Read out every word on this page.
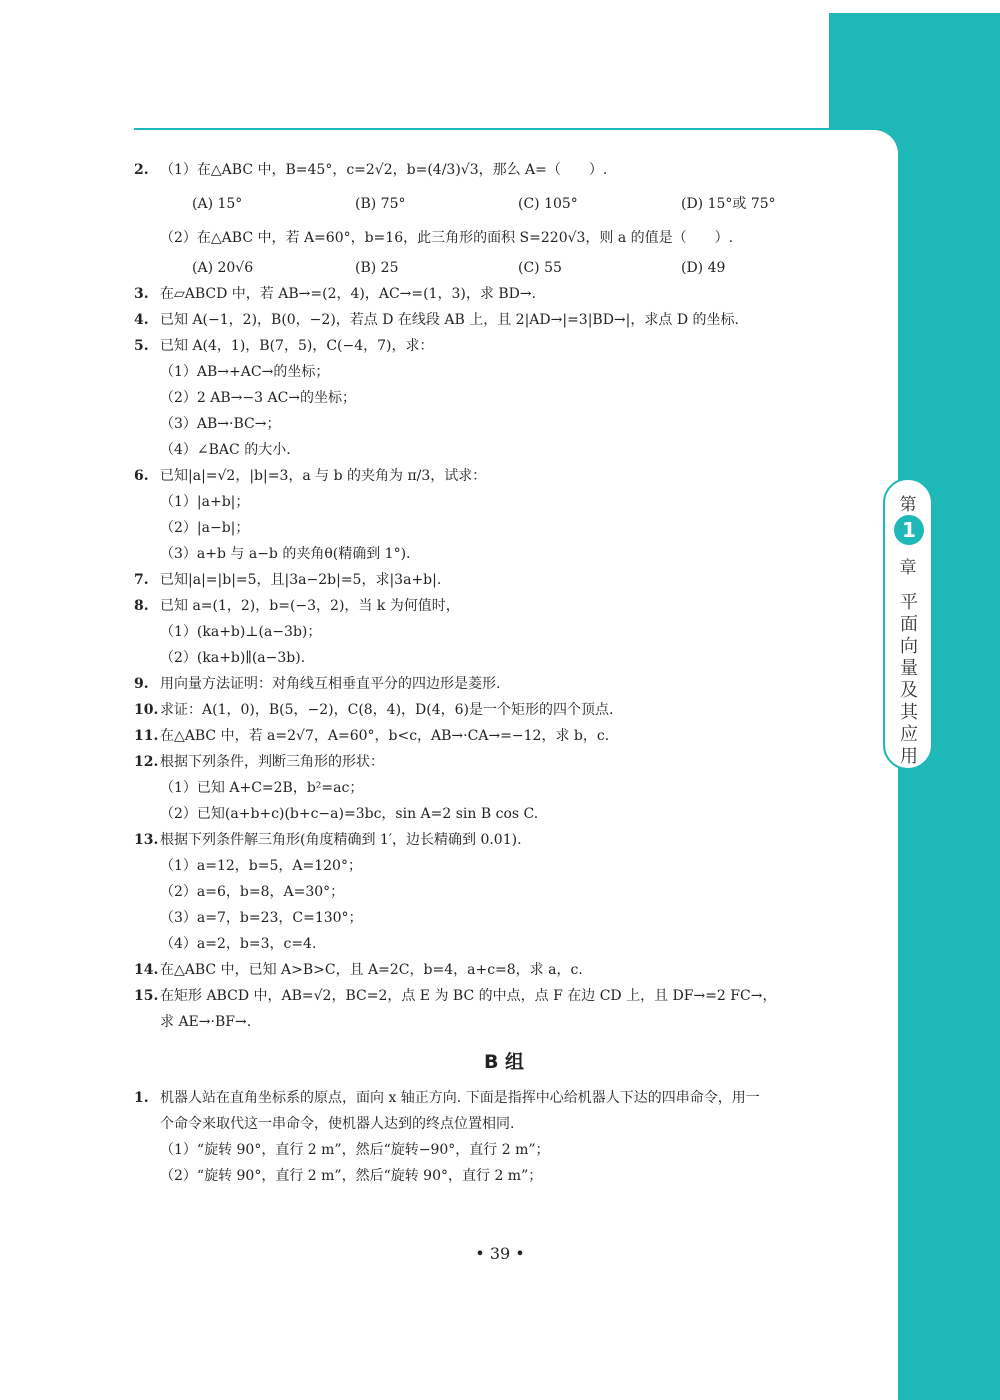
第
1
章
平面向量及其应用
2. （1）在△ABC 中，B=45°，c=2√2，b=(4/3)√3，那么 A=（　　）.
(A) 15°	(B) 75°	(C) 105°	(D) 15°或 75°
（2）在△ABC 中，若 A=60°，b=16，此三角形的面积 S=220√3，则 a 的值是（　　）.
(A) 20√6	(B) 25	(C) 55	(D) 49
3. 在▱ABCD 中，若 AB→=(2，4)，AC→=(1，3)，求 BD→.
4. 已知 A(−1，2)，B(0，−2)，若点 D 在线段 AB 上，且 2|AD→|=3|BD→|，求点 D 的坐标.
5. 已知 A(4，1)，B(7，5)，C(−4，7)，求：
（1）AB→+AC→的坐标；
（2）2 AB→−3 AC→的坐标；
（3）AB→·BC→；
（4）∠BAC 的大小.
6. 已知|a|=√2，|b|=3，a 与 b 的夹角为 π/3，试求：
（1）|a+b|；
（2）|a−b|；
（3）a+b 与 a−b 的夹角θ(精确到 1°).
7. 已知|a|=|b|=5，且|3a−2b|=5，求|3a+b|.
8. 已知 a=(1，2)，b=(−3，2)，当 k 为何值时，
（1）(ka+b)⊥(a−3b)；
（2）(ka+b)∥(a−3b).
9. 用向量方法证明：对角线互相垂直平分的四边形是菱形.
10. 求证：A(1，0)，B(5，−2)，C(8，4)，D(4，6)是一个矩形的四个顶点.
11. 在△ABC 中，若 a=2√7，A=60°，b<c，AB→·CA→=−12，求 b，c.
12. 根据下列条件，判断三角形的形状：
（1）已知 A+C=2B，b²=ac；
（2）已知(a+b+c)(b+c−a)=3bc，sin A=2 sin B cos C.
13. 根据下列条件解三角形(角度精确到 1′，边长精确到 0.01).
（1）a=12，b=5，A=120°；
（2）a=6，b=8，A=30°；
（3）a=7，b=23，C=130°；
（4）a=2，b=3，c=4.
14. 在△ABC 中，已知 A>B>C，且 A=2C，b=4，a+c=8，求 a，c.
15. 在矩形 ABCD 中，AB=√2，BC=2，点 E 为 BC 的中点，点 F 在边 CD 上，且 DF→=2 FC→，
求 AE→·BF→.
B 组
1. 机器人站在直角坐标系的原点，面向 x 轴正方向. 下面是指挥中心给机器人下达的四串命令，用一
个命令来取代这一串命令，使机器人达到的终点位置相同.
（1）“旋转 90°，直行 2 m”，然后“旋转−90°，直行 2 m”；
（2）“旋转 90°，直行 2 m”，然后“旋转 90°，直行 2 m”；
• 39 •
